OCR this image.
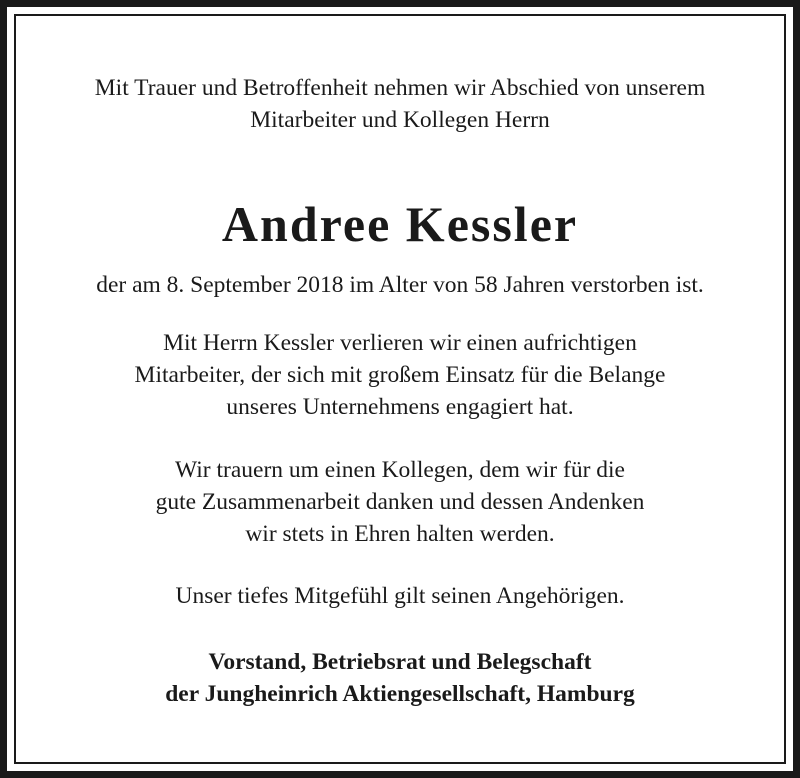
Mit Trauer und Betroffenheit nehmen wir Abschied von unserem
Mitarbeiter und Kollegen Herrn

Andree Kessler

der am 8. September 2018 im Alter von 58 Jahren verstorben ist.

Mit Herrn Kessler verlieren wir einen aufrichtigen
Mitarbeiter, der sich mit großem Einsatz für die Belange
unseres Unternehmens engagiert hat.

Wir trauern um einen Kollegen, dem wir für die
gute Zusammenarbeit danken und dessen Andenken
wir stets in Ehren halten werden.

Unser tiefes Mitgefühl gilt seinen Angehörigen.

Vorstand, Betriebsrat und Belegschaft
der Jungheinrich Aktiengesellschaft, Hamburg
